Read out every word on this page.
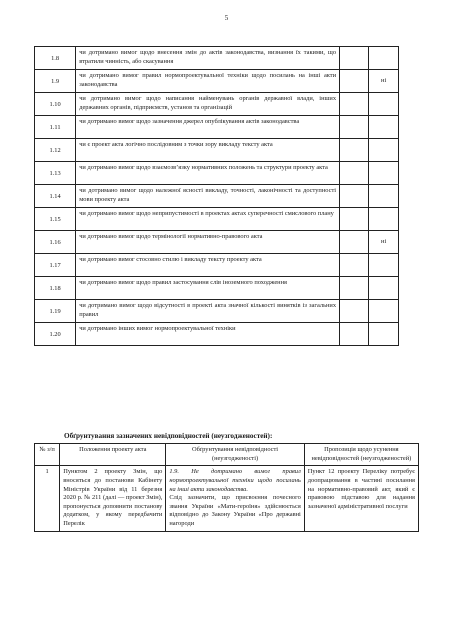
5
1.8	чи дотримано вимог щодо внесення змін до актів законодавства, визнання їх такими, що втратили чинність, або скасування		
1.9	чи дотримано вимог правил нормопроектувальної техніки щодо посилань на інші акти законодавства		ні
1.10	чи дотримано вимог щодо написання найменувань органів державної влади, інших державних органів, підприємств, установ та організацій		
1.11	чи дотримано вимог щодо зазначення джерел опублікування актів законодавства		
1.12	чи є проект акта логічно послідовним з точки зору викладу тексту акта		
1.13	чи дотримано вимог щодо взаємозв’язку нормативних положень та структури проекту акта		
1.14	чи дотримано вимог щодо належної ясності викладу, точності, лаконічності та доступності мови проекту акта		
1.15	чи дотримано вимог щодо неприпустимості в проектах актах суперечності смислового плану		
1.16	чи дотримано вимог щодо термінології нормативно-правового акта		ні
1.17	чи дотримано вимог стосовно стилю і викладу тексту проекту акта		
1.18	чи дотримано вимог щодо правил застосування слів іноземного походження		
1.19	чи дотримано вимог щодо відсутності в проекті акта значної кількості винятків із загальних правил		
1.20	чи дотримано інших вимог нормопроектувальної техніки		
Обґрунтування зазначених невідповідностей (неузгодженостей):
№ з/п	Положення проекту акта	Обґрунтування невідповідності (неузгодженості)	Пропозиція щодо усунення невідповідностей (неузгодженостей)
1	Пунктом 2 проекту Змін, що вносяться до постанови Кабінету Міністрів України від 11 березня 2020 р. № 211 (далі — проект Змін), пропонується доповнити постанову додатком, у якому передбачити Перелік	1.9. Не дотримано вимог правил нормопроектувальної техніки щодо посилань на інші акти законодавства.
Слід зазначити, що присвоєння почесного звання України «Мати-героїня» здійснюється відповідно до Закону України «Про державні нагороди	Пункт 12 проекту Переліку потребує доопрацювання в частині посилання на нормативно-правовий акт, який є правовою підставою для надання зазначеної адміністративної послуги
